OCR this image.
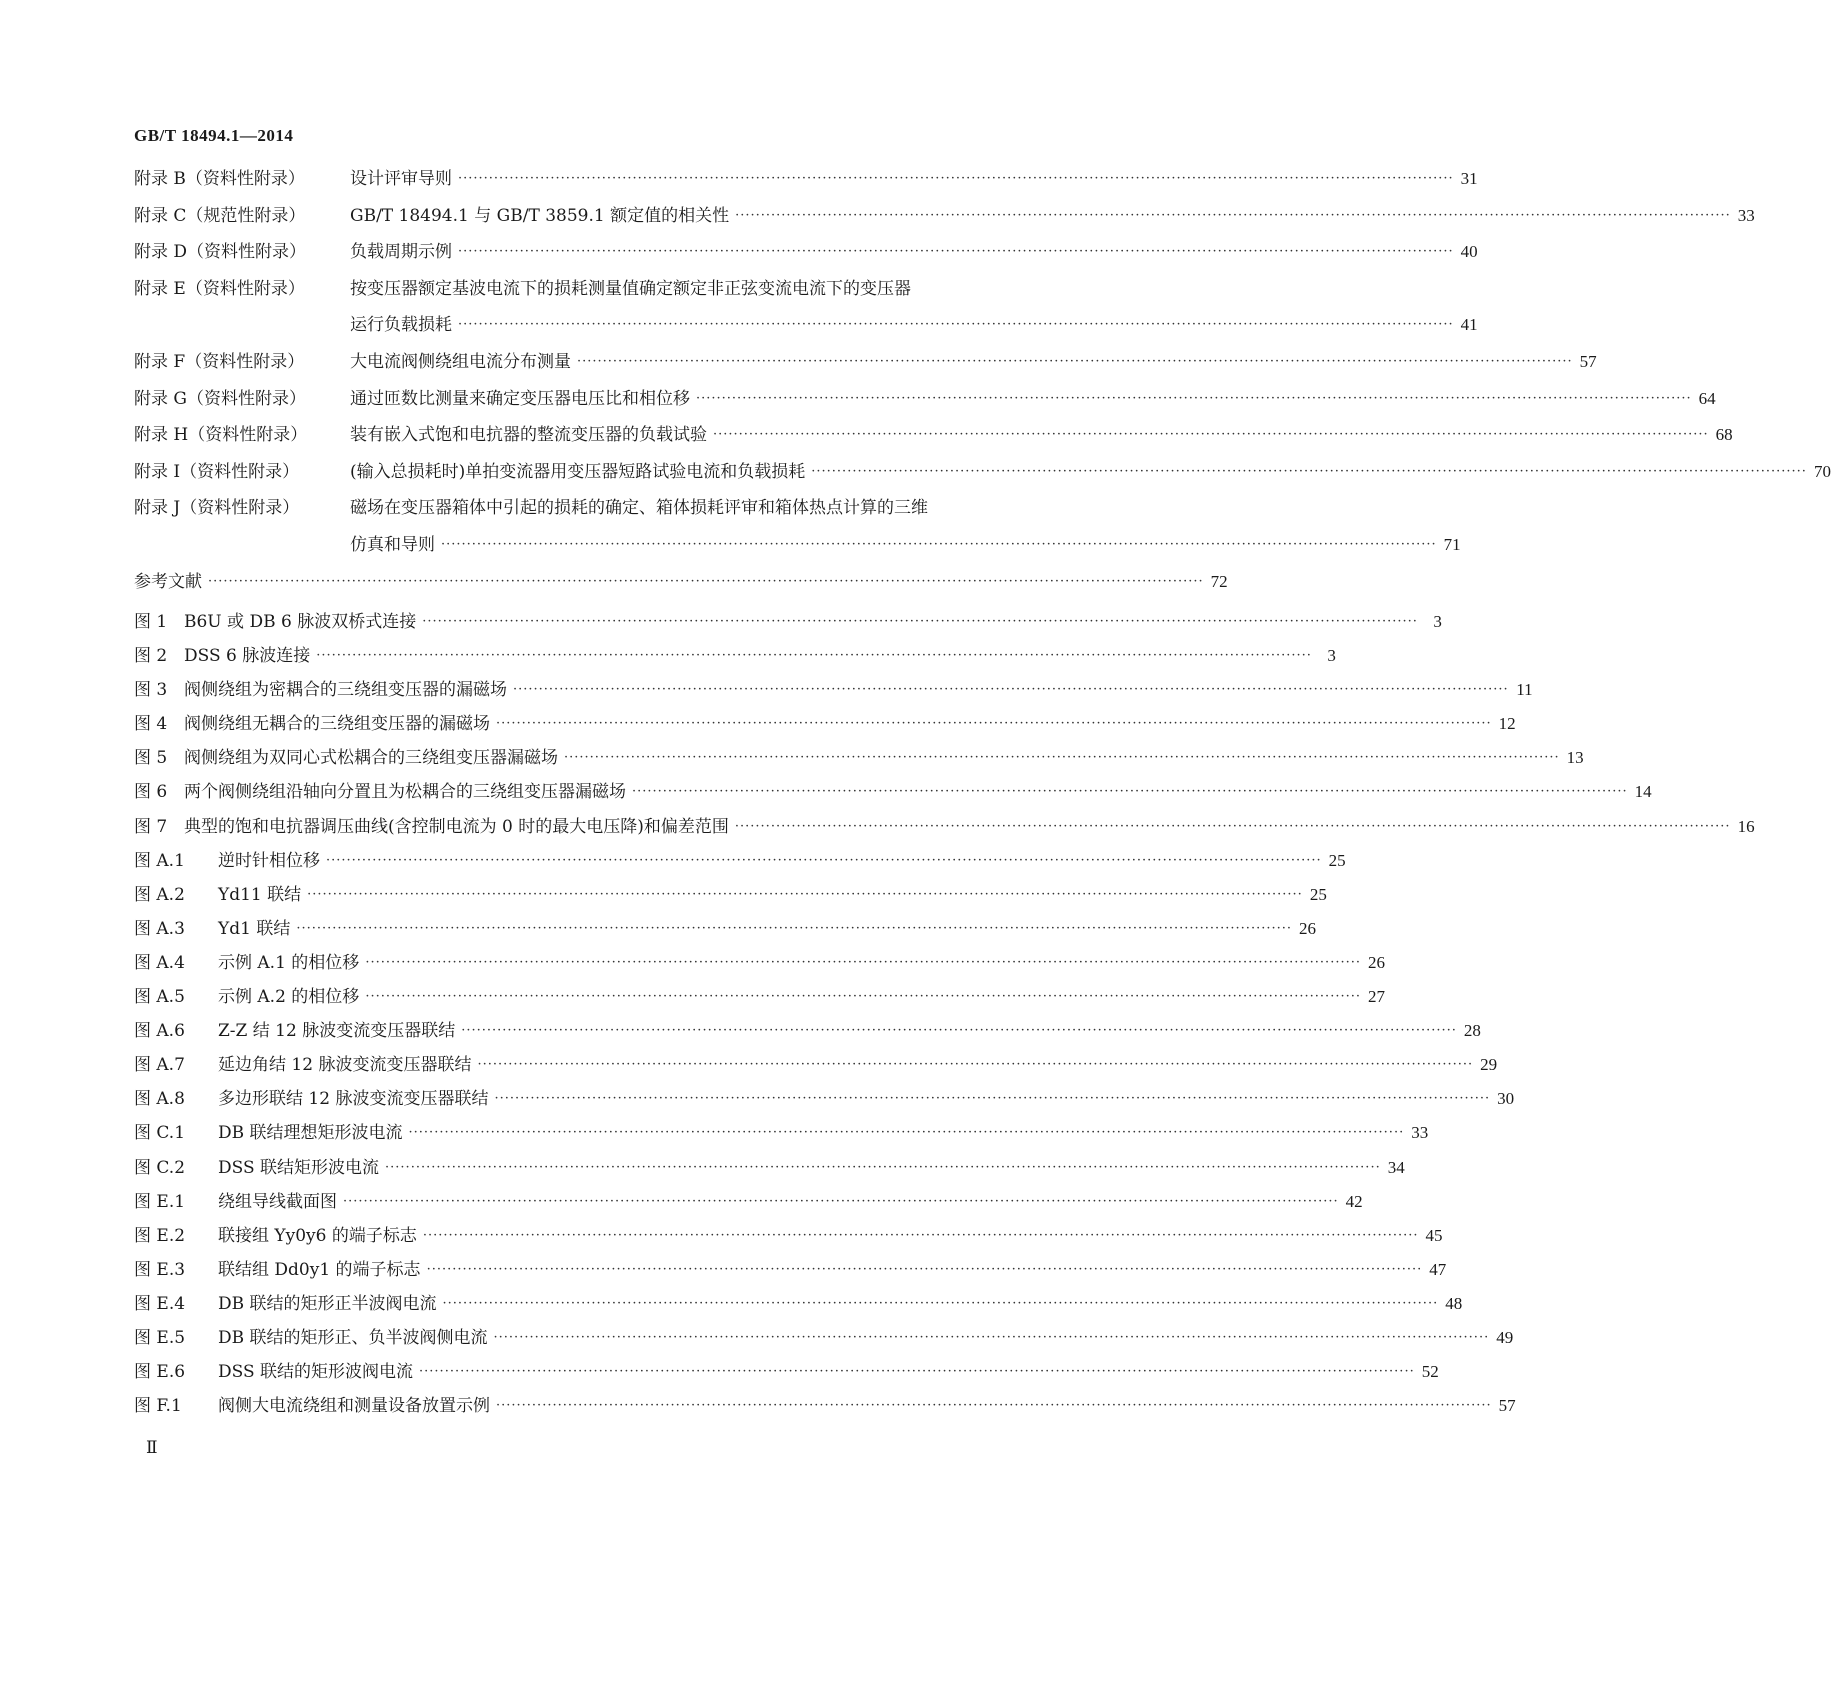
GB/T 18494.1—2014
附录 B（资料性附录）	设计评审导则 ·····	31
附录 C（规范性附录）	GB/T 18494.1 与 GB/T 3859.1 额定值的相关性 ·····	33
附录 D（资料性附录）	负载周期示例 ·····	40
附录 E（资料性附录）	按变压器额定基波电流下的损耗测量值确定额定非正弦变流电流下的变压器
运行负载损耗 ·····	41
附录 F（资料性附录）	大电流阀侧绕组电流分布测量 ·····	57
附录 G（资料性附录）	通过匝数比测量来确定变压器电压比和相位移 ·····	64
附录 H（资料性附录）	装有嵌入式饱和电抗器的整流变压器的负载试验 ·····	68
附录 I（资料性附录）	(输入总损耗时)单拍变流器用变压器短路试验电流和负载损耗 ·····	70
附录 J（资料性附录）	磁场在变压器箱体中引起的损耗的确定、箱体损耗评审和箱体热点计算的三维
仿真和导则 ·····	71
参考文献 ·····	72
图 1 B6U 或 DB 6 脉波双桥式连接 ·····	3
图 2 DSS 6 脉波连接 ·····	3
图 3 阀侧绕组为密耦合的三绕组变压器的漏磁场 ·····	11
图 4 阀侧绕组无耦合的三绕组变压器的漏磁场 ·····	12
图 5 阀侧绕组为双同心式松耦合的三绕组变压器漏磁场 ·····	13
图 6 两个阀侧绕组沿轴向分置且为松耦合的三绕组变压器漏磁场 ·····	14
图 7 典型的饱和电抗器调压曲线(含控制电流为 0 时的最大电压降)和偏差范围 ·····	16
图 A.1	逆时针相位移 ·····	25
图 A.2	Yd11 联结 ·····	25
图 A.3	Yd1 联结 ·····	26
图 A.4	示例 A.1 的相位移 ·····	26
图 A.5	示例 A.2 的相位移 ·····	27
图 A.6	Z-Z 结 12 脉波变流变压器联结 ·····	28
图 A.7	延边角结 12 脉波变流变压器联结 ·····	29
图 A.8	多边形联结 12 脉波变流变压器联结 ·····	30
图 C.1	DB 联结理想矩形波电流 ·····	33
图 C.2	DSS 联结矩形波电流 ·····	34
图 E.1	绕组导线截面图 ·····	42
图 E.2	联接组 Yy0y6 的端子标志 ·····	45
图 E.3	联结组 Dd0y1 的端子标志 ·····	47
图 E.4	DB 联结的矩形正半波阀电流 ·····	48
图 E.5	DB 联结的矩形正、负半波阀侧电流 ·····	49
图 E.6	DSS 联结的矩形波阀电流 ·····	52
图 F.1	阀侧大电流绕组和测量设备放置示例 ·····	57
Ⅱ
